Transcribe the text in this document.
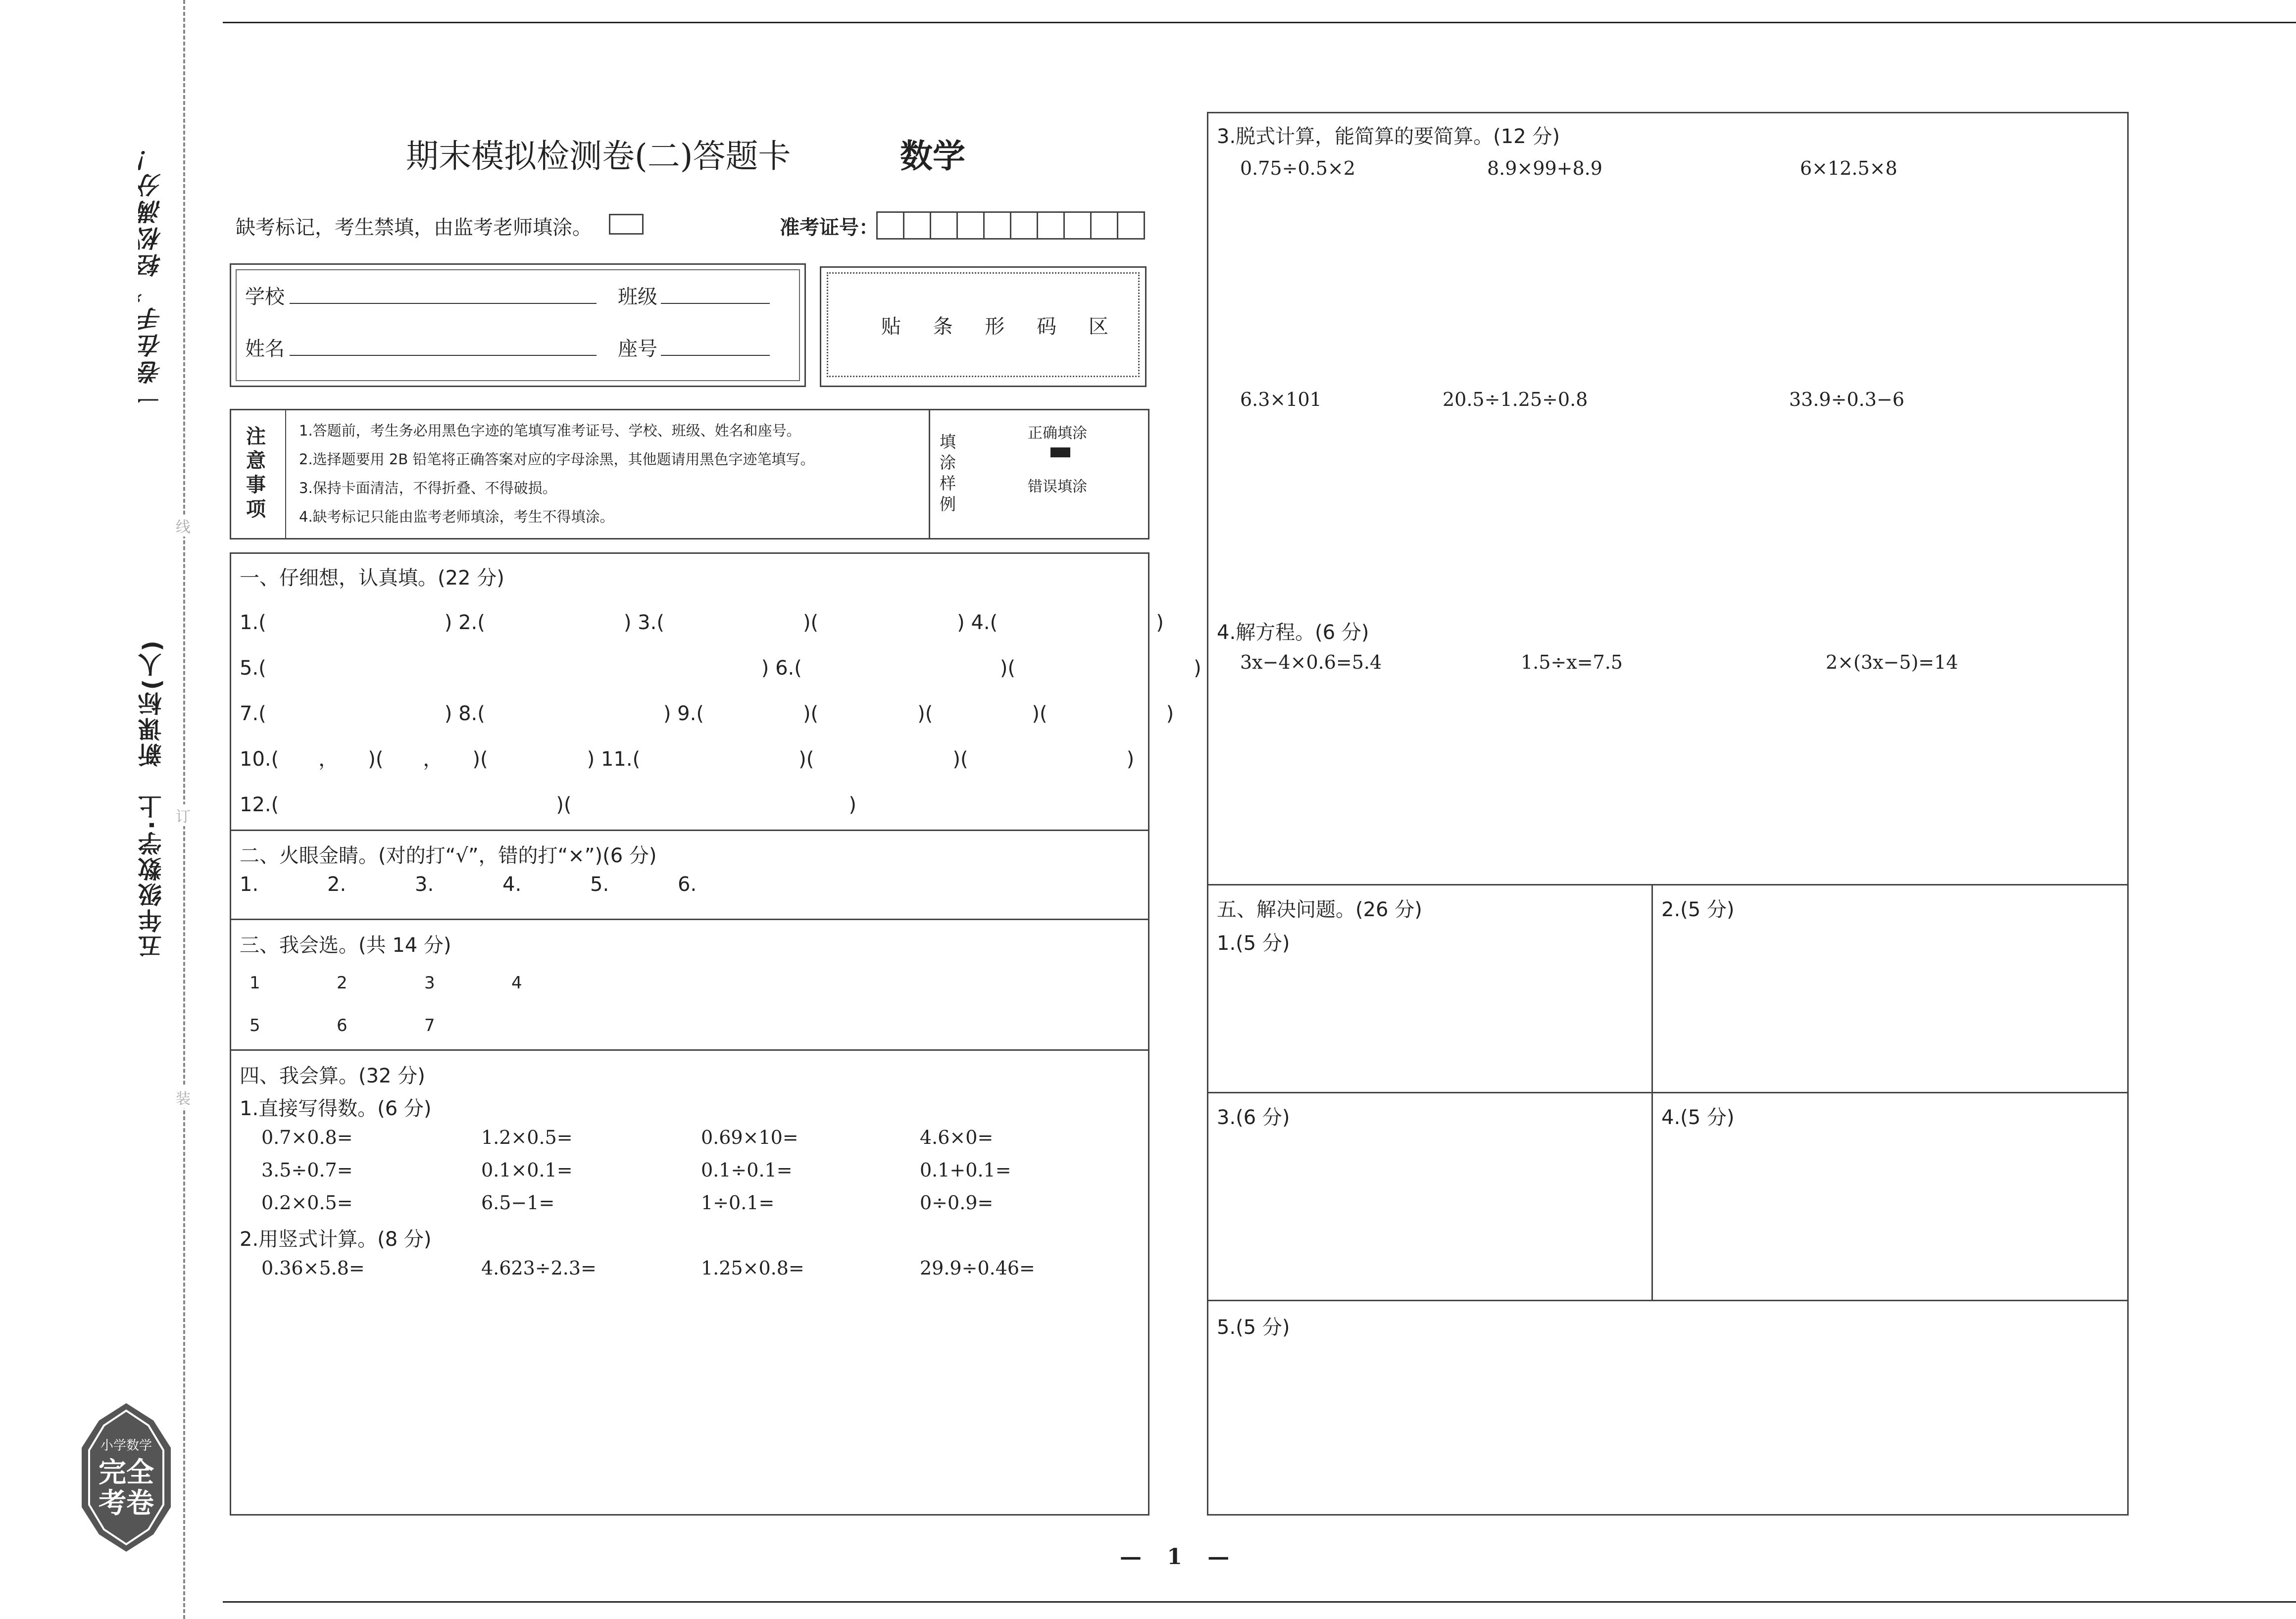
一卷在手，轻松满分！
五年级数学·上　新课标(人)
线
订
装
小学数学
完全考卷
期末模拟检测卷(二)答题卡	数学
缺考标记，考生禁填，由监考老师填涂。	准考证号：
学校	班级
姓名	座号
贴 条 形 码 区
注意事项
1.答题前，考生务必用黑色字迹的笔填写准考证号、学校、班级、姓名和座号。
2.选择题要用 2B 铅笔将正确答案对应的字母涂黑，其他题请用黑色字迹笔填写。
3.保持卡面清洁，不得折叠、不得破损。
4.缺考标记只能由监考老师填涂，考生不得填涂。
填涂样例
正确填涂
错误填涂
一、仔细想，认真填。(22 分)
1.(　　　　　　　　　) 2.(　　　　　　　) 3.(　　　　　　　)(　　　　　　　) 4.(　　　　　　　　)
5.(　　　　　　　　　　　　　　　　　　　　　　　　　) 6.(　　　　　　　　　　)(　　　　　　　　　)
7.(　　　　　　　　　) 8.(　　　　　　　　　) 9.(　　　　　)(　　　　　)(　　　　　)(　　　　　　)
10.(　　，　　)(　　，　　)(　　　　　) 11.(　　　　　　　　)(　　　　　　　)(　　　　　　　　)
12.(　　　　　　　　　　　　　　)(　　　　　　　　　　　　　　)
二、火眼金睛。(对的打“√”，错的打“×”)(6 分)
1.	2.	3.	4.	5.	6.
三、我会选。(共 14 分)
1	2	3	4
5	6	7
四、我会算。(32 分)
1.直接写得数。(6 分)
0.7×0.8=	1.2×0.5=	0.69×10=	4.6×0=
3.5÷0.7=	0.1×0.1=	0.1÷0.1=	0.1+0.1=
0.2×0.5=	6.5−1=	1÷0.1=	0÷0.9=
2.用竖式计算。(8 分)
0.36×5.8=	4.623÷2.3=	1.25×0.8=	29.9÷0.46=
3.脱式计算，能简算的要简算。(12 分)
0.75÷0.5×2	8.9×99+8.9	6×12.5×8
6.3×101	20.5÷1.25÷0.8	33.9÷0.3−6
4.解方程。(6 分)
3x−4×0.6=5.4	1.5÷x=7.5	2×(3x−5)=14
五、解决问题。(26 分)
1.(5 分)
2.(5 分)
3.(6 分)	4.(5 分)
5.(5 分)
— 1 —
